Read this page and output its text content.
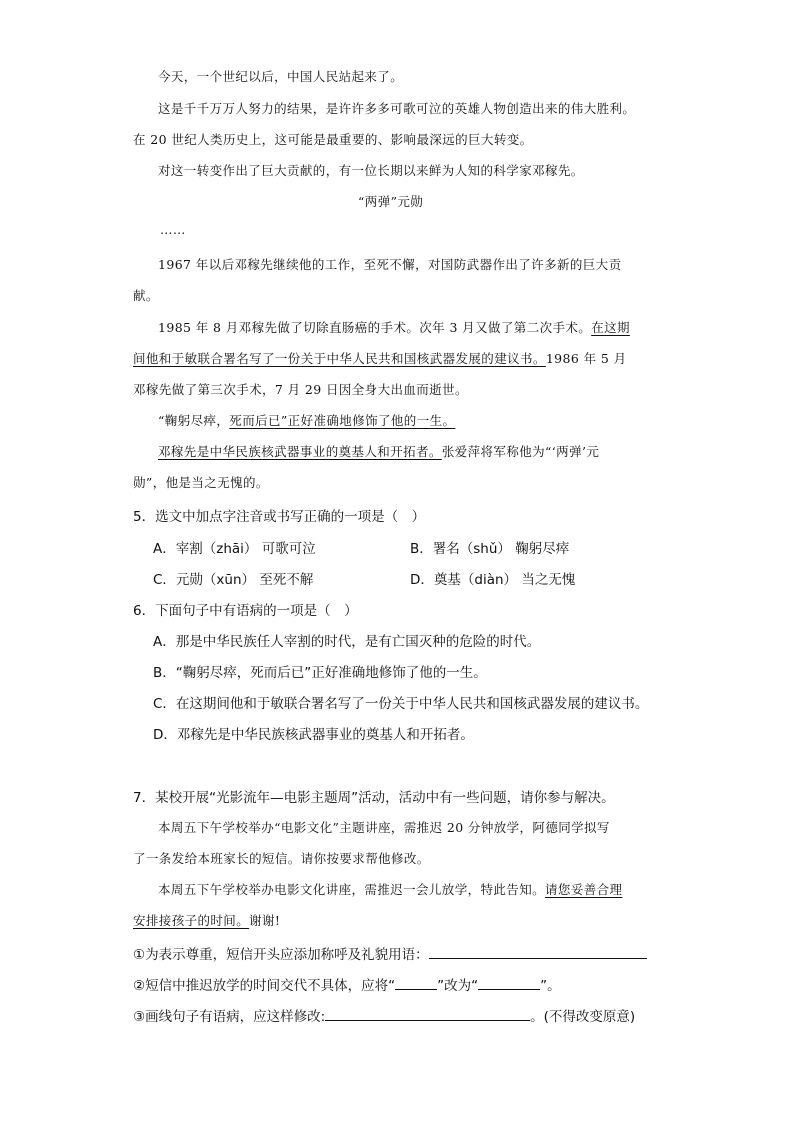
今天，一个世纪以后，中国人民站起来了。
这是千千万万人努力的结果，是许许多多可歌可泣的英雄人物创造出来的伟大胜利。
在 20 世纪人类历史上，这可能是最重要的、影响最深远的巨大转变。
对这一转变作出了巨大贡献的，有一位长期以来鲜为人知的科学家邓稼先。
“两弹”元勋
……
1967 年以后邓稼先继续他的工作，至死不懈，对国防武器作出了许多新的巨大贡
献。
1985 年 8 月邓稼先做了切除直肠癌的手术。次年 3 月又做了第二次手术。在这期
间他和于敏联合署名写了一份关于中华人民共和国核武器发展的建议书。1986 年 5 月
邓稼先做了第三次手术，7 月 29 日因全身大出血而逝世。
“鞠躬尽瘁，死而后已”正好准确地修饰了他的一生。
邓稼先是中华民族核武器事业的奠基人和开拓者。张爱萍将军称他为“‘两弹’元
勋”，他是当之无愧的。
5．选文中加点字注音或书写正确的一项是（　）
A．宰割（zhāi） 可歌可泣	B．署名（shǔ） 鞠躬尽瘁
C．元勋（xūn） 至死不解	D．奠基（diàn） 当之无愧
6．下面句子中有语病的一项是（　）
A．那是中华民族任人宰割的时代，是有亡国灭种的危险的时代。
B．“鞠躬尽瘁，死而后已”正好准确地修饰了他的一生。
C．在这期间他和于敏联合署名写了一份关于中华人民共和国核武器发展的建议书。
D．邓稼先是中华民族核武器事业的奠基人和开拓者。
7．某校开展“光影流年—电影主题周”活动，活动中有一些问题，请你参与解决。
本周五下午学校举办“电影文化”主题讲座，需推迟 20 分钟放学，阿德同学拟写
了一条发给本班家长的短信。请你按要求帮他修改。
本周五下午学校举办电影文化讲座，需推迟一会儿放学，特此告知。请您妥善合理
安排接孩子的时间。谢谢!
①为表示尊重，短信开头应添加称呼及礼貌用语：
②短信中推迟放学的时间交代不具体，应将“	”改为“	”。
③画线句子有语病，应这样修改:	。(不得改变原意)
